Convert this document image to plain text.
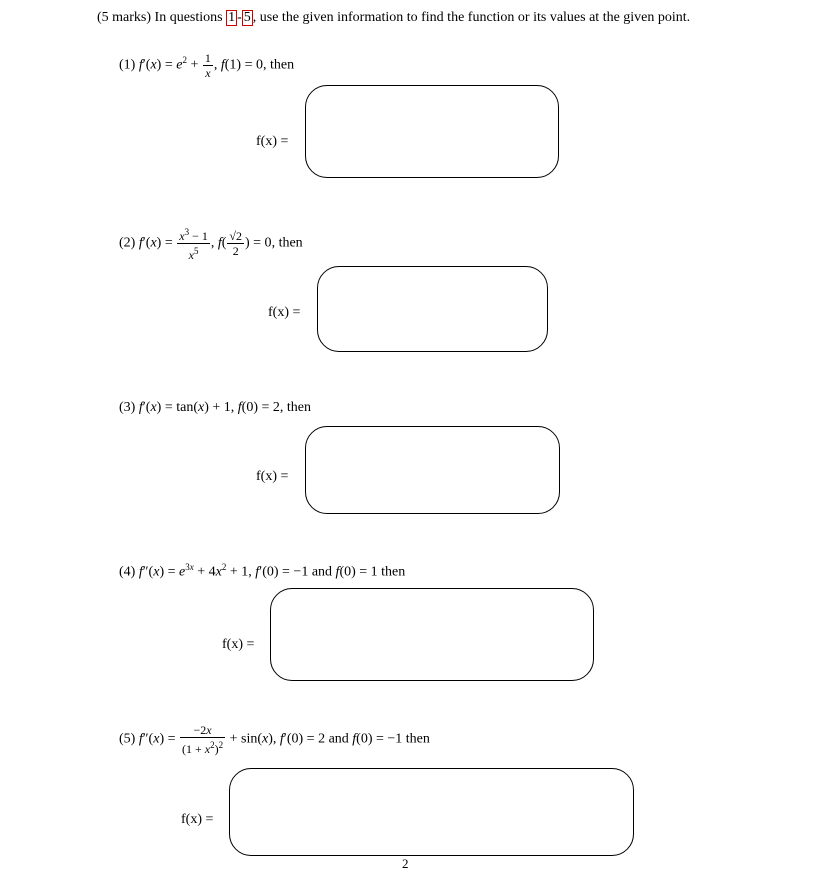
(5 marks) In questions 1 - 5 , use the given information to find the function or its values at the given point.
(1) $f'(x) = e^2 + \frac{1}{x}$ , f(1) = 0, then
f(x) =
(2) $f'(x) = \frac{x^3 - 1}{x^5}$ , $f( \frac{√2}{2}$ ) = 0, then
f(x) =
(3) f′(x) = tan(x) + 1, f(0) = 2, then
f(x) =
(4) $f''(x) = e^{3x} + 4x^2 + 1$, f′(0) = −1 and f(0) = 1 then
f(x) =
(5) $f''(x) = \frac{-2x}{(1 + x^2)^2} + \sin(x)$, f′(0) = 2 and f(0) = −1 then
f(x) =
2
